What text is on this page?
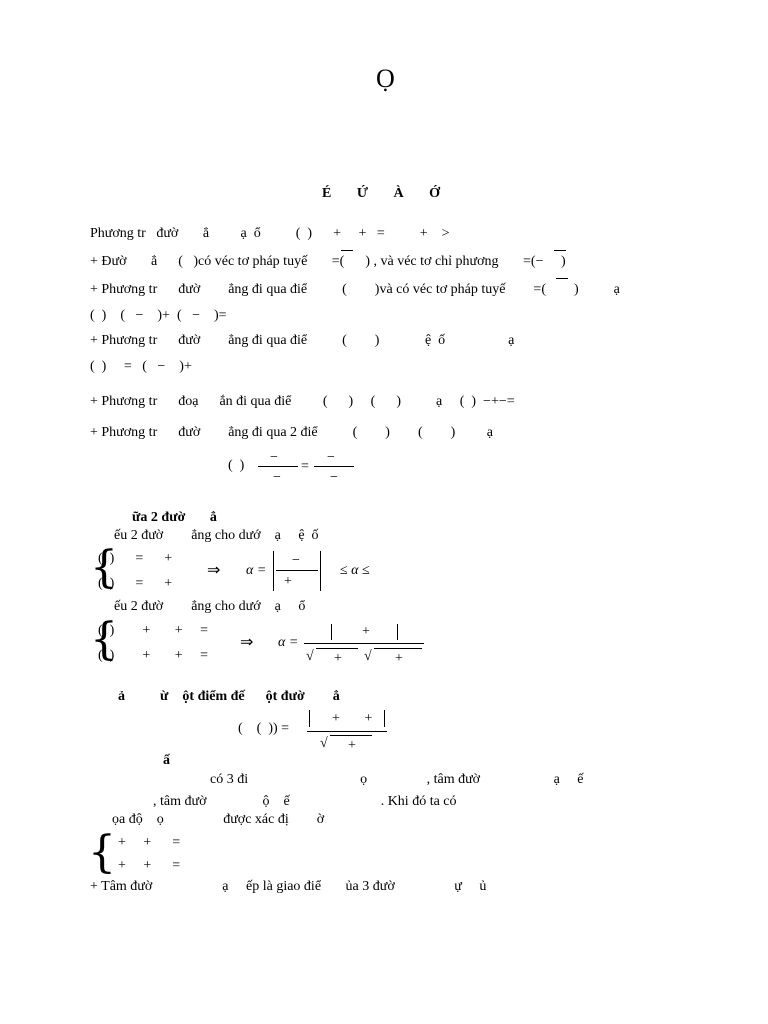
Ọ
É Ứ À Ớ
Phương tr   đườ       ẳ         ạ  ổ          (  )      +     +   =          +    >
+ Đườ       ẳ      (   )có véc tơ pháp tuyế       =(      ) , và véc tơ chỉ phương       =(−     )
+ Phương tr      đườ        ẳng đi qua điể          (        )và có véc tơ pháp tuyế        =(        )          ạ
(  )    (   −    )+  (   −    )=
+ Phương tr      đườ        ẳng đi qua điể          (        )             ệ  ố                  ạ
(  )     =   (   −    )+
+ Phương tr      đoạ      ắn đi qua điể         (      )     (      )          ạ     (  )  −+−=
+ Phương tr      đườ        ẳng đi qua 2 điể          (        )        (        )         ạ
(  )
−
−
=
−
−
ữa 2 đườ       ẳ
ếu 2 đườ        ẳng cho dướ    ạ     ệ  ố
{
(  )      =      +
(  )      =      +
⇒ α =
−
+
≤ α ≤
ếu 2 đườ        ẳng cho dướ    ạ     ổ
{
(  )        +       +     =
(  )        +       +     =
⇒ α =
+
√ + √ +
ả          ừ    ột điểm đế      ột đườ        ẳ
(    (  )) =
+       +
√ +
ấ
có 3 đi                                ọ                 , tâm đườ                     ạ     ế
, tâm đườ                ộ    ế                          . Khi đó ta có
ọa độ    ọ                 được xác đị        ờ
{ +     +      =
+     +      =
+ Tâm đườ                    ạ     ếp là giao điể       ủa 3 đườ                 ự     ủ
